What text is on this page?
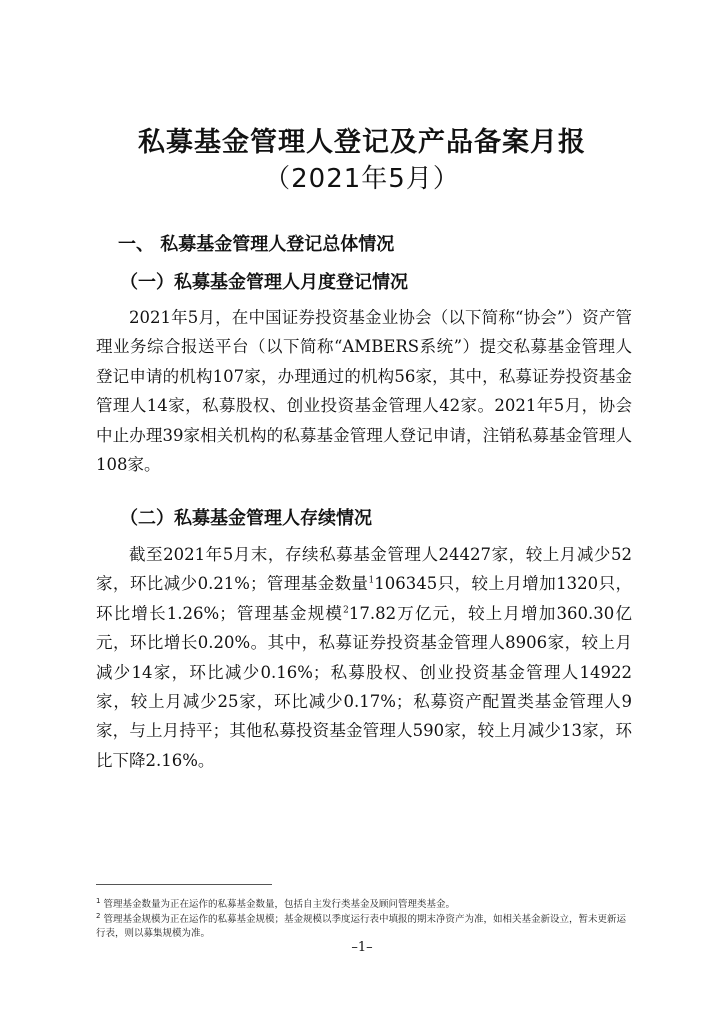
私募基金管理人登记及产品备案月报
（2021年5月）
一、 私募基金管理人登记总体情况
（一）私募基金管理人月度登记情况

2021年5月，在中国证券投资基金业协会（以下简称“协会”）资产管理业务综合报送平台（以下简称“AMBERS系统”）提交私募基金管理人登记申请的机构107家，办理通过的机构56家，其中，私募证券投资基金管理人14家，私募股权、创业投资基金管理人42家。2021年5月，协会中止办理39家相关机构的私募基金管理人登记申请，注销私募基金管理人108家。

（二）私募基金管理人存续情况

截至2021年5月末，存续私募基金管理人24427家，较上月减少52家，环比减少0.21%；管理基金数量$^1$106345只，较上月增加1320只，环比增长1.26%；管理基金规模$^2$17.82万亿元，较上月增加360.30亿元，环比增长0.20%。其中，私募证券投资基金管理人8906家，较上月减少14家，环比减少0.16%；私募股权、创业投资基金管理人14922家，较上月减少25家，环比减少0.17%；私募资产配置类基金管理人9家，与上月持平；其他私募投资基金管理人590家，较上月减少13家，环比下降2.16%。

$^1$ 管理基金数量为正在运作的私募基金数量，包括自主发行类基金及顾问管理类基金。

$^2$ 管理基金规模为正在运作的私募基金规模；基金规模以季度运行表中填报的期末净资产为准，如相关基金新设立，暂未更新运行表，则以募集规模为准。

–1–
